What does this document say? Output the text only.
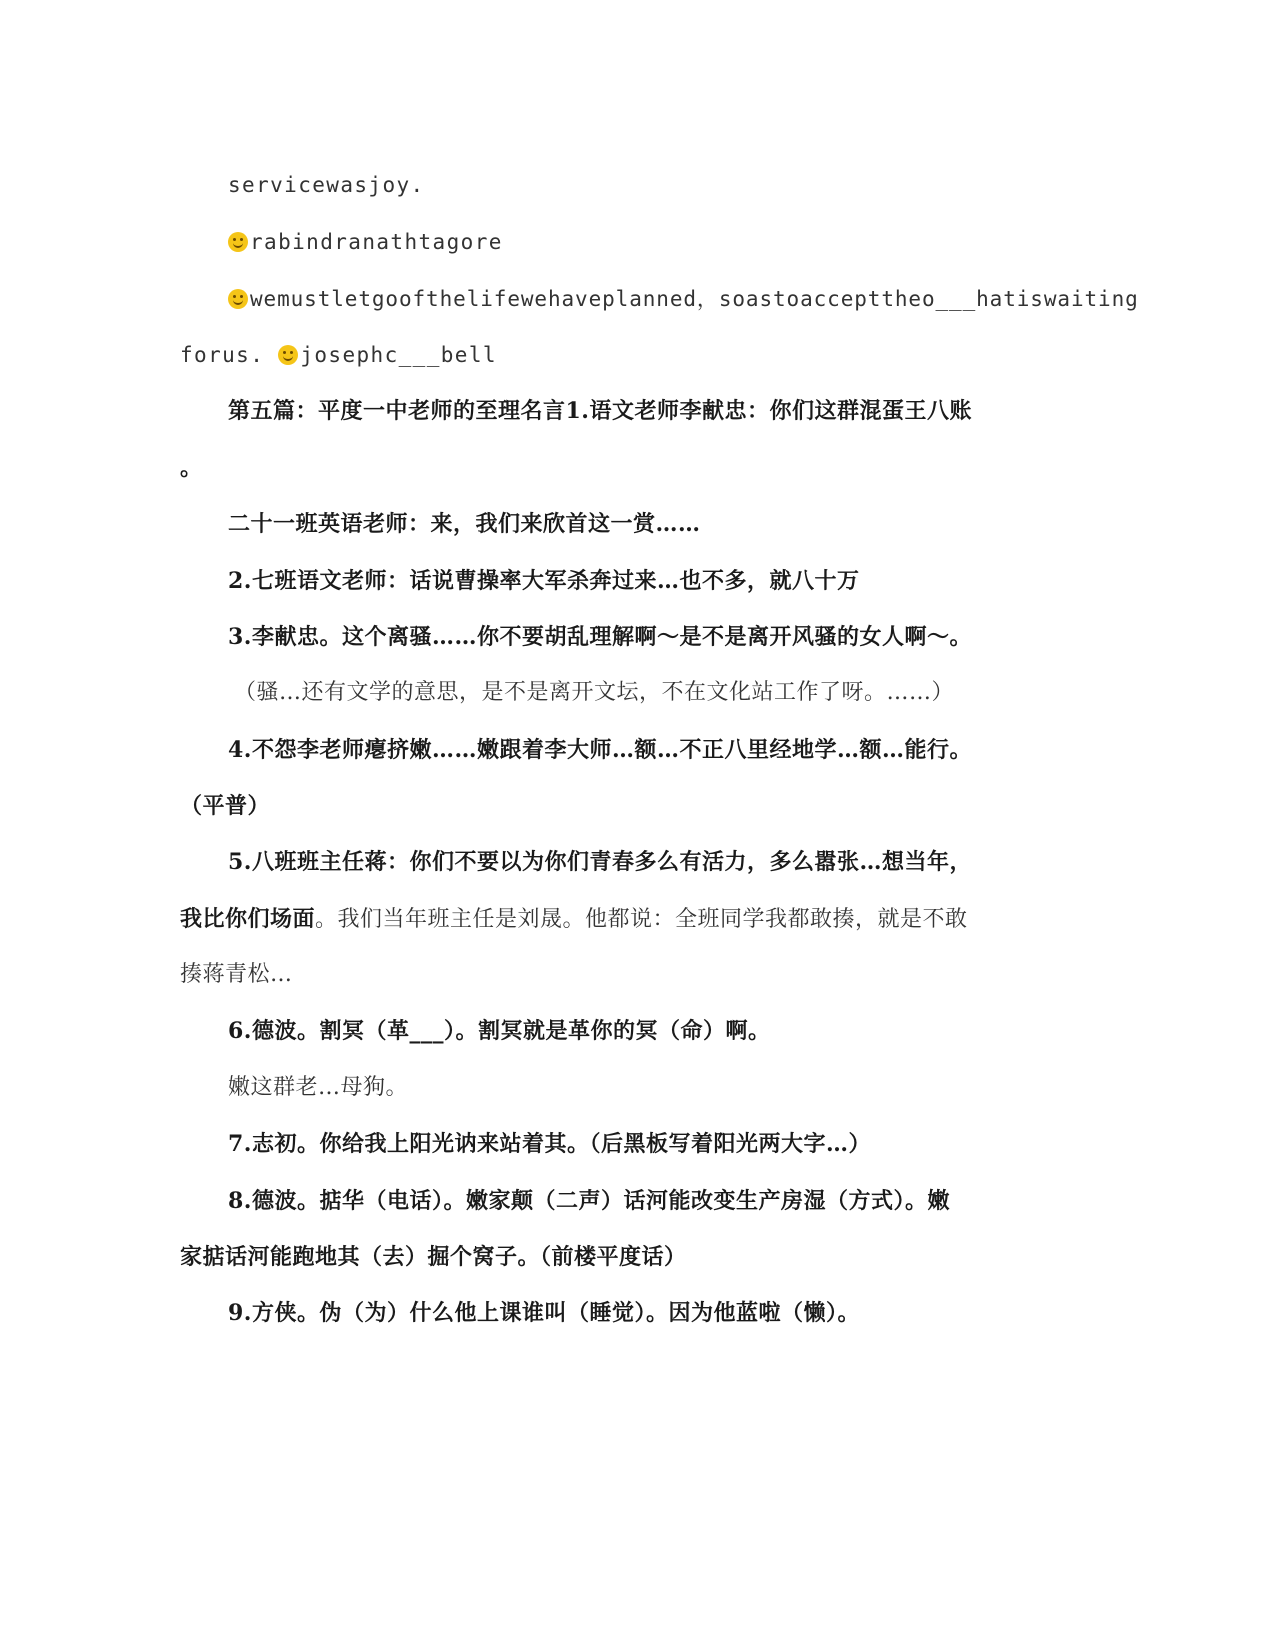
servicewasjoy.
rabindranathtagore
wemustletgoofthelifewehaveplanned，soastoaccepttheo___hatiswaiting
forus. josephc___bell
第五篇：平度一中老师的至理名言1.语文老师李献忠：你们这群混蛋王八账
。
二十一班英语老师：来，我们来欣首这一赏……
2.七班语文老师：话说曹操率大军杀奔过来…也不多，就八十万
3.李献忠。这个离骚……你不要胡乱理解啊～是不是离开风骚的女人啊～。
（骚…还有文学的意思，是不是离开文坛，不在文化站工作了呀。……）
4.不怨李老师瘪挤嫩……嫩跟着李大师…额…不正八里经地学…额…能行。
（平普）
5.八班班主任蒋：你们不要以为你们青春多么有活力，多么嚣张…想当年，
我比你们场面。我们当年班主任是刘晟。他都说：全班同学我都敢揍，就是不敢
揍蒋青松…
6.德波。割冥（革___）。割冥就是革你的冥（命）啊。
嫩这群老…母狗。
7.志初。你给我上阳光讷来站着其。（后黑板写着阳光两大字…）
8.德波。掂华（电话）。嫩家颠（二声）话河能改变生产房湿（方式）。嫩
家掂话河能跑地其（去）掘个窝子。（前楼平度话）
9.方侠。伪（为）什么他上课谁叫（睡觉）。因为他蓝啦（懒）。
